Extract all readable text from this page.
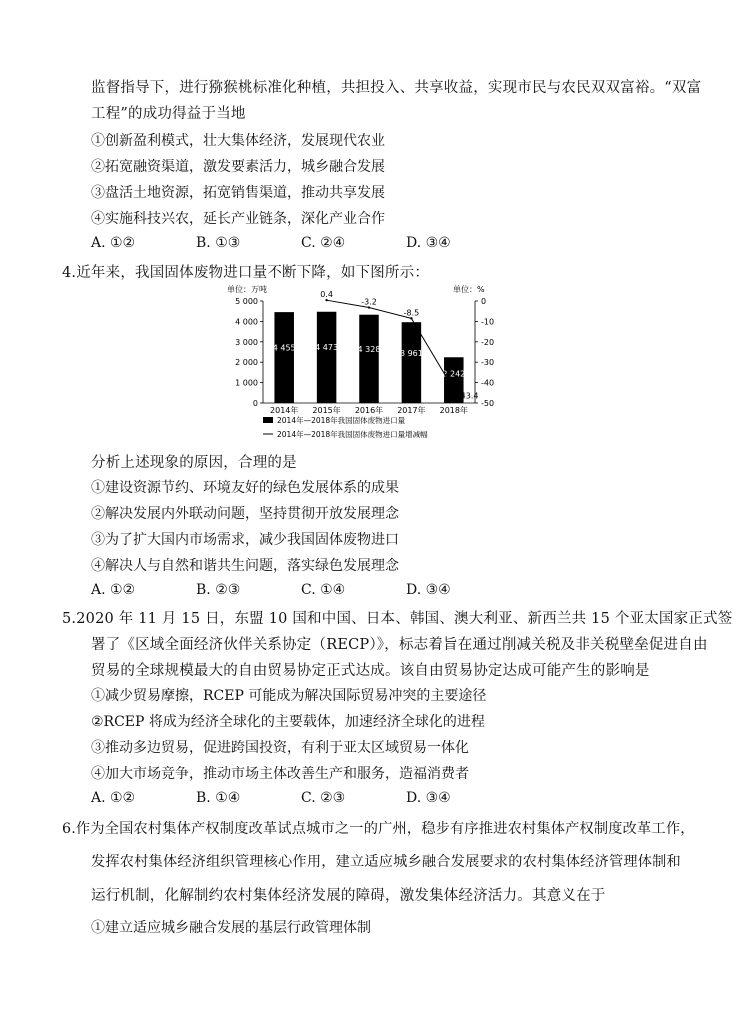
监督指导下，进行猕猴桃标准化种植，共担投入、共享收益，实现市民与农民双双富裕。“双富
工程”的成功得益于当地
①创新盈利模式，壮大集体经济，发展现代农业
②拓宽融资渠道，激发要素活力，城乡融合发展
③盘活土地资源，拓宽销售渠道，推动共享发展
④实施科技兴农，延长产业链条，深化产业合作
A. ①②	B. ①③	C. ②④	D. ③④
4.近年来，我国固体废物进口量不断下降，如下图所示：
单位：万吨	单位：%
0
1 000
2 000
3 000
4 000
5 000	0
-10
-20
-30
-40
-50
4 455 4 473 4 328 3 961
2 242
0.4
-3.2
-8.5
-43.4
2014年 2015年 2016年 2017年 2018年
2014年—2018年我国固体废物进口量
2014年—2018年我国固体废物进口量增减幅
分析上述现象的原因，合理的是
①建设资源节约、环境友好的绿色发展体系的成果
②解决发展内外联动问题，坚持贯彻开放发展理念
③为了扩大国内市场需求，减少我国固体废物进口
④解决人与自然和谐共生问题，落实绿色发展理念
A. ①②	B. ②③	C. ①④	D. ③④
5.2020 年 11 月 15 日，东盟 10 国和中国、日本、韩国、澳大利亚、新西兰共 15 个亚太国家正式签
署了《区域全面经济伙伴关系协定（RECP）》，标志着旨在通过削减关税及非关税壁垒促进自由
贸易的全球规模最大的自由贸易协定正式达成。该自由贸易协定达成可能产生的影响是
①减少贸易摩擦，RCEP 可能成为解决国际贸易冲突的主要途径
②RCEP 将成为经济全球化的主要载体，加速经济全球化的进程
③推动多边贸易，促进跨国投资，有利于亚太区域贸易一体化
④加大市场竞争，推动市场主体改善生产和服务，造福消费者
A. ①②	B. ①④	C. ②③	D. ③④
6.作为全国农村集体产权制度改革试点城市之一的广州，稳步有序推进农村集体产权制度改革工作，
发挥农村集体经济组织管理核心作用，建立适应城乡融合发展要求的农村集体经济管理体制和
运行机制，化解制约农村集体经济发展的障碍，激发集体经济活力。其意义在于
①建立适应城乡融合发展的基层行政管理体制
